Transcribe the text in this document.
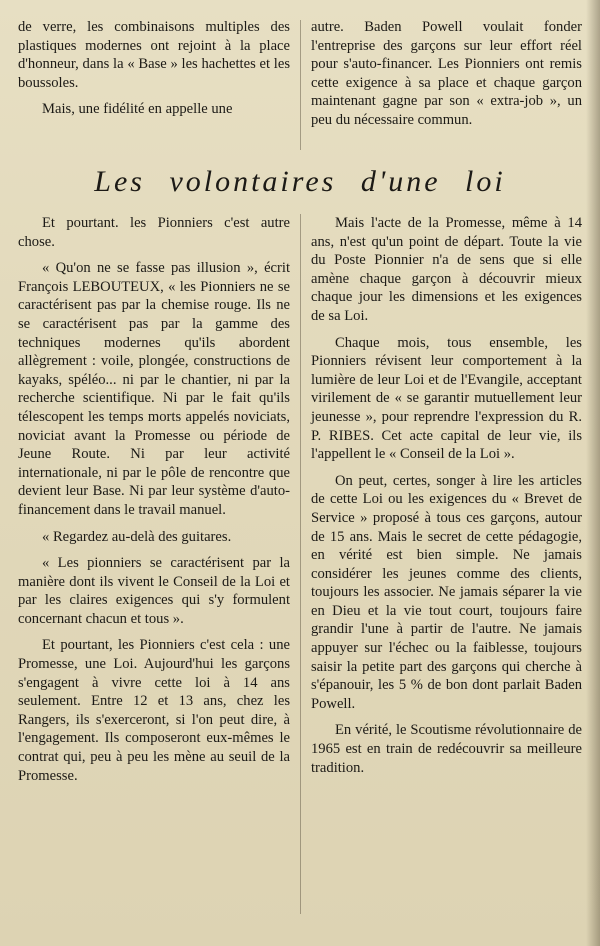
de verre, les combinaisons multiples des plastiques modernes ont rejoint à la place d'honneur, dans la « Base » les hachettes et les boussoles.

Mais, une fidélité en appelle une

autre. Baden Powell voulait fonder l'entreprise des garçons sur leur effort réel pour s'auto-financer. Les Pionniers ont remis cette exigence à sa place et chaque garçon maintenant gagne par son « extra-job », un peu du nécessaire commun.

Les volontaires d'une loi

Et pourtant. les Pionniers c'est autre chose.

« Qu'on ne se fasse pas illusion », écrit François LEBOUTEUX, « les Pionniers ne se caractérisent pas par la chemise rouge. Ils ne se caractérisent pas par la gamme des techniques modernes qu'ils abordent allègrement : voile, plongée, constructions de kayaks, spéléo... ni par le chantier, ni par la recherche scientifique. Ni par le fait qu'ils télescopent les temps morts appelés noviciats, noviciat avant la Promesse ou période de Jeune Route. Ni par leur activité internationale, ni par le pôle de rencontre que devient leur Base. Ni par leur système d'auto-financement dans le travail manuel.

« Regardez au-delà des guitares.

« Les pionniers se caractérisent par la manière dont ils vivent le Conseil de la Loi et par les claires exigences qui s'y formulent concernant chacun et tous ».

Et pourtant, les Pionniers c'est cela : une Promesse, une Loi. Aujourd'hui les garçons s'engagent à vivre cette loi à 14 ans seulement. Entre 12 et 13 ans, chez les Rangers, ils s'exerceront, si l'on peut dire, à l'engagement. Ils composeront eux-mêmes le contrat qui, peu à peu les mène au seuil de la Promesse.

Mais l'acte de la Promesse, même à 14 ans, n'est qu'un point de départ. Toute la vie du Poste Pionnier n'a de sens que si elle amène chaque garçon à découvrir mieux chaque jour les dimensions et les exigences de sa Loi.

Chaque mois, tous ensemble, les Pionniers révisent leur comportement à la lumière de leur Loi et de l'Evangile, acceptant virilement de « se garantir mutuellement leur jeunesse », pour reprendre l'expression du R. P. RIBES. Cet acte capital de leur vie, ils l'appellent le « Conseil de la Loi ».

On peut, certes, songer à lire les articles de cette Loi ou les exigences du « Brevet de Service » proposé à tous ces garçons, autour de 15 ans. Mais le secret de cette pédagogie, en vérité est bien simple. Ne jamais considérer les jeunes comme des clients, toujours les associer. Ne jamais séparer la vie en Dieu et la vie tout court, toujours faire grandir l'une à partir de l'autre. Ne jamais appuyer sur l'échec ou la faiblesse, toujours saisir la petite part des garçons qui cherche à s'épanouir, les 5 % de bon dont parlait Baden Powell.

En vérité, le Scoutisme révolutionnaire de 1965 est en train de redécouvrir sa meilleure tradition.
